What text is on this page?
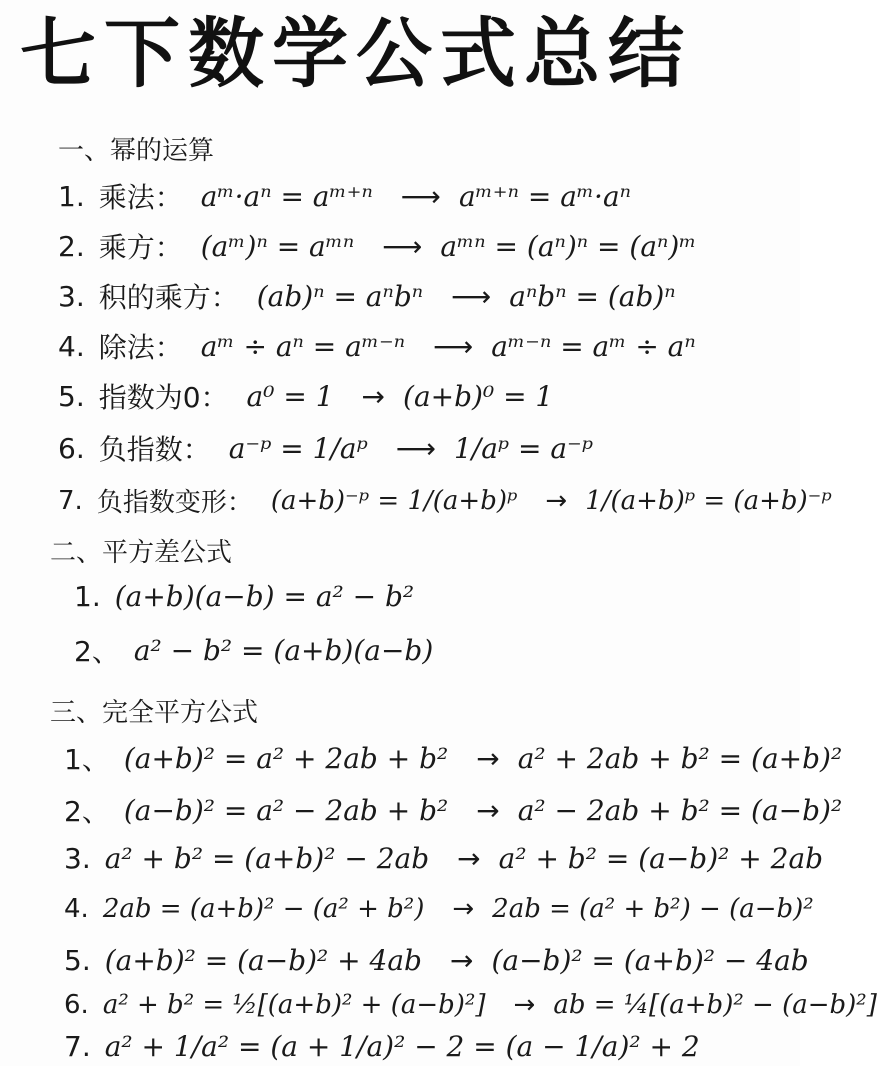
七下数学公式总结
一、幂的运算
1. 乘法： aᵐ·aⁿ = aᵐ⁺ⁿ ⟶ aᵐ⁺ⁿ = aᵐ·aⁿ
2. 乘方： (aᵐ)ⁿ = aᵐⁿ ⟶ aᵐⁿ = (aⁿ)ⁿ = (aⁿ)ᵐ
3. 积的乘方： (ab)ⁿ = aⁿbⁿ ⟶ aⁿbⁿ = (ab)ⁿ
4. 除法： aᵐ ÷ aⁿ = aᵐ⁻ⁿ ⟶ aᵐ⁻ⁿ = aᵐ ÷ aⁿ
5. 指数为0： a⁰ = 1 → (a+b)⁰ = 1
6. 负指数： a⁻ᵖ = 1/aᵖ ⟶ 1/aᵖ = a⁻ᵖ
7. 负指数变形： (a+b)⁻ᵖ = 1/(a+b)ᵖ → 1/(a+b)ᵖ = (a+b)⁻ᵖ
二、平方差公式
1. (a+b)(a−b) = a² − b²
2、 a² − b² = (a+b)(a−b)
三、完全平方公式
1、 (a+b)² = a² + 2ab + b² → a² + 2ab + b² = (a+b)²
2、 (a−b)² = a² − 2ab + b² → a² − 2ab + b² = (a−b)²
3. a² + b² = (a+b)² − 2ab → a² + b² = (a−b)² + 2ab
4. 2ab = (a+b)² − (a² + b²) → 2ab = (a² + b²) − (a−b)²
5. (a+b)² = (a−b)² + 4ab → (a−b)² = (a+b)² − 4ab
6. a² + b² = ½[(a+b)² + (a−b)²] → ab = ¼[(a+b)² − (a−b)²]
7. a² + 1/a² = (a + 1/a)² − 2 = (a − 1/a)² + 2
